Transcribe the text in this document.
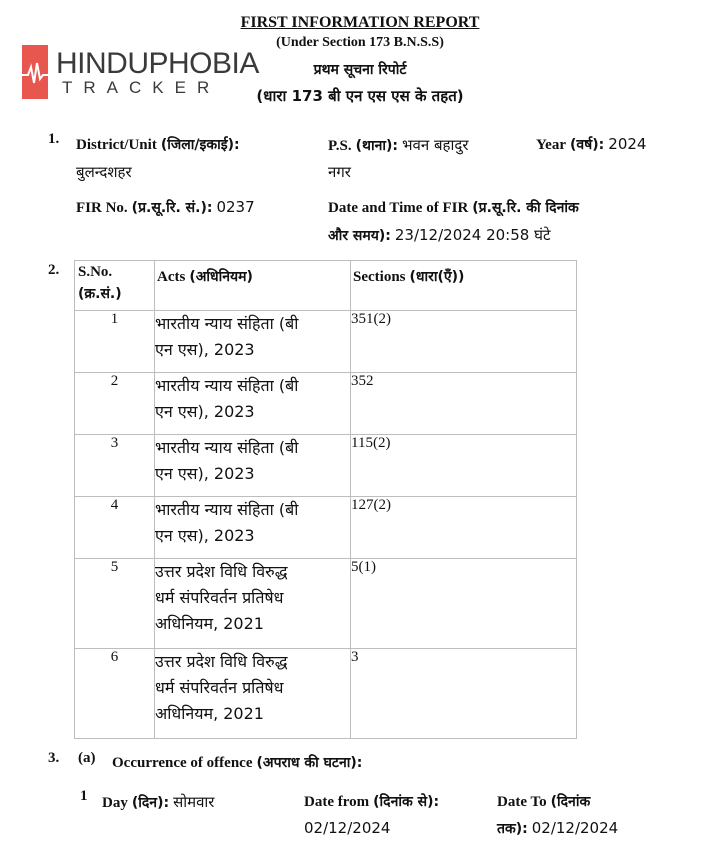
HINDUPHOBIA
TRACKER
FIRST INFORMATION REPORT
(Under Section 173 B.N.S.S)
प्रथम सूचना रिपोर्ट
(धारा 173 बी एन एस एस के तहत)
1. District/Unit (जिला/इकाई):
बुलन्दशहर
P.S. (थाना): भवन बहादुर
नगर
Year (वर्ष): 2024
FIR No. (प्र.सू.रि. सं.): 0237	Date and Time of FIR (प्र.सू.रि. की दिनांक
और समय): 23/12/2024 20:58 घंटे
2. S.No.
(क्र.सं.)	Acts (अधिनियम)	Sections (धारा(एँ))
1	भारतीय न्याय संहिता (बी
एन एस), 2023	351(2)
2	भारतीय न्याय संहिता (बी
एन एस), 2023	352
3	भारतीय न्याय संहिता (बी
एन एस), 2023	115(2)
4	भारतीय न्याय संहिता (बी
एन एस), 2023	127(2)
5	उत्तर प्रदेश विधि विरुद्ध
धर्म संपरिवर्तन प्रतिषेध
अधिनियम, 2021	5(1)
6	उत्तर प्रदेश विधि विरुद्ध
धर्म संपरिवर्तन प्रतिषेध
अधिनियम, 2021	3
3. (a) Occurrence of offence (अपराध की घटना):
1 Day (दिन): सोमवार	Date from (दिनांक से):
02/12/2024
Date To (दिनांक
तक): 02/12/2024
